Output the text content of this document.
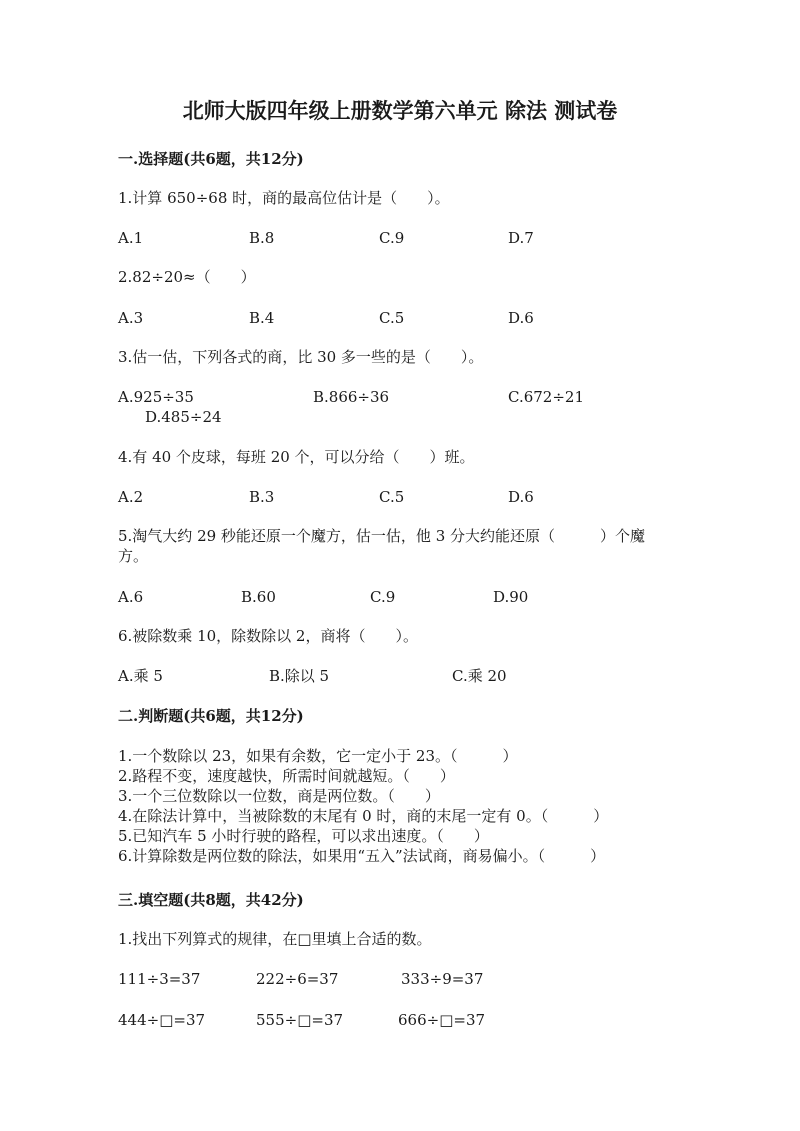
北师大版四年级上册数学第六单元 除法 测试卷
一.选择题(共6题，共12分)
1.计算 650÷68 时，商的最高位估计是（　　）。
A.1	B.8	C.9	D.7
2.82÷20≈（　　）
A.3	B.4	C.5	D.6
3.估一估，下列各式的商，比 30 多一些的是（　　）。
A.925÷35	B.866÷36	C.672÷21
D.485÷24
4.有 40 个皮球，每班 20 个，可以分给（　　）班。
A.2	B.3	C.5	D.6
5.淘气大约 29 秒能还原一个魔方，估一估，他 3 分大约能还原（　　　）个魔
方。
A.6	B.60	C.9	D.90
6.被除数乘 10，除数除以 2，商将（　　）。
A.乘 5	B.除以 5	C.乘 20
二.判断题(共6题，共12分)
1.一个数除以 23，如果有余数，它一定小于 23。（　　　）
2.路程不变，速度越快，所需时间就越短。（　　）
3.一个三位数除以一位数，商是两位数。（　　）
4.在除法计算中，当被除数的末尾有 0 时，商的末尾一定有 0。（　　　）
5.已知汽车 5 小时行驶的路程，可以求出速度。（　　）
6.计算除数是两位数的除法，如果用“五入”法试商，商易偏小。（　　　）
三.填空题(共8题，共42分)
1.找出下列算式的规律，在□里填上合适的数。
111÷3=37	222÷6=37	333÷9=37
444÷□=37	555÷□=37	666÷□=37
